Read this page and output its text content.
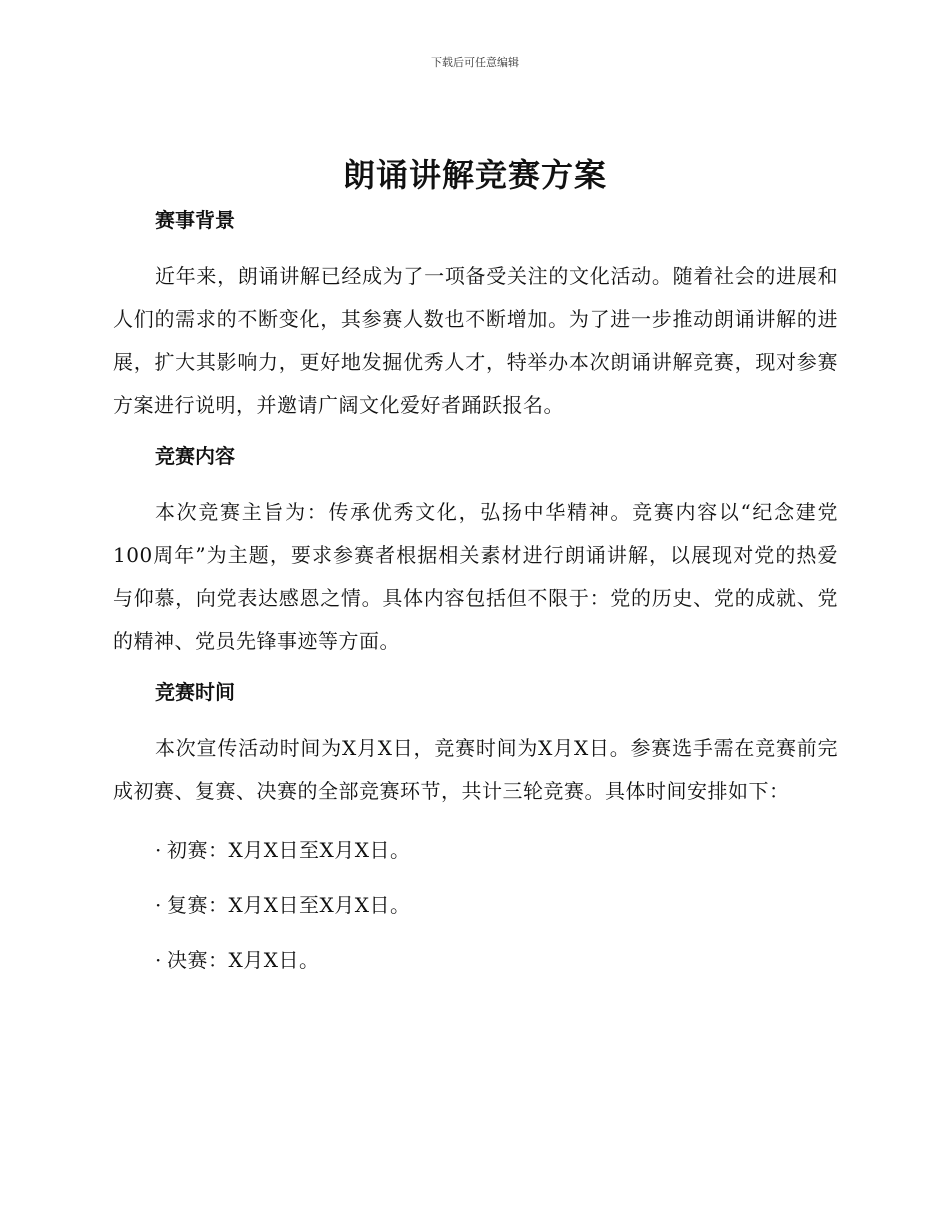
下载后可任意编辑
朗诵讲解竞赛方案
赛事背景

近年来，朗诵讲解已经成为了一项备受关注的文化活动。随着社会的进展和人们的需求的不断变化，其参赛人数也不断增加。为了进一步推动朗诵讲解的进展，扩大其影响力，更好地发掘优秀人才，特举办本次朗诵讲解竞赛，现对参赛方案进行说明，并邀请广阔文化爱好者踊跃报名。

竞赛内容

本次竞赛主旨为：传承优秀文化，弘扬中华精神。竞赛内容以“纪念建党100周年”为主题，要求参赛者根据相关素材进行朗诵讲解，以展现对党的热爱与仰慕，向党表达感恩之情。具体内容包括但不限于：党的历史、党的成就、党的精神、党员先锋事迹等方面。

竞赛时间

本次宣传活动时间为X月X日，竞赛时间为X月X日。参赛选手需在竞赛前完成初赛、复赛、决赛的全部竞赛环节，共计三轮竞赛。具体时间安排如下：

· 初赛：X月X日至X月X日。
· 复赛：X月X日至X月X日。
· 决赛：X月X日。
